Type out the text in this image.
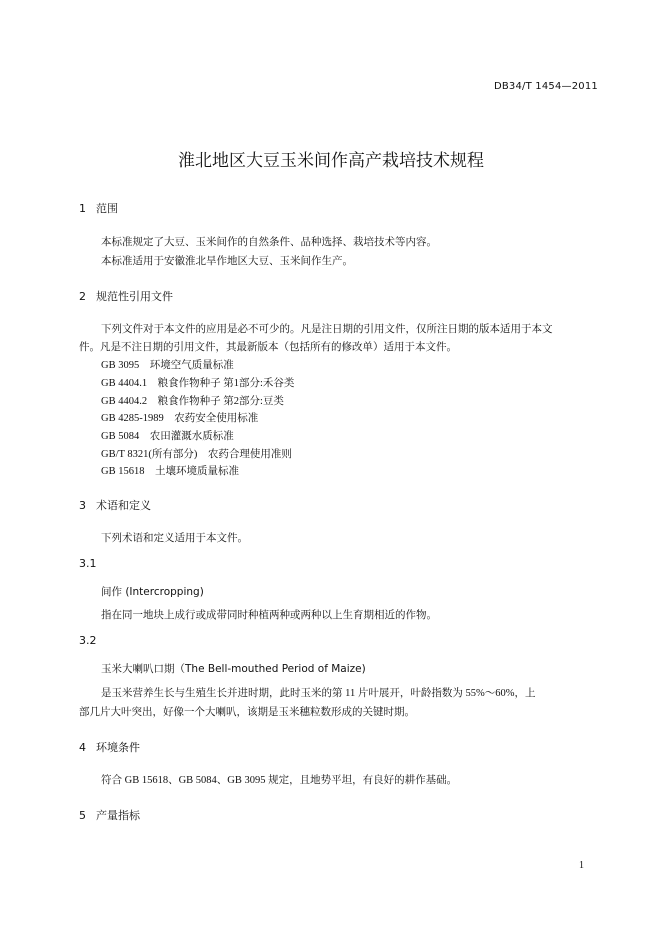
DB34/T 1454—2011
淮北地区大豆玉米间作高产栽培技术规程
1 范围
本标准规定了大豆、玉米间作的自然条件、品种选择、栽培技术等内容。
本标准适用于安徽淮北旱作地区大豆、玉米间作生产。
2 规范性引用文件
下列文件对于本文件的应用是必不可少的。凡是注日期的引用文件，仅所注日期的版本适用于本文
件。凡是不注日期的引用文件，其最新版本（包括所有的修改单）适用于本文件。
GB 3095　环境空气质量标准
GB 4404.1　粮食作物种子 第1部分:禾谷类
GB 4404.2　粮食作物种子 第2部分:豆类
GB 4285-1989　农药安全使用标准
GB 5084　农田灌溉水质标准
GB/T 8321(所有部分)　农药合理使用准则
GB 15618　土壤环境质量标准
3 术语和定义
下列术语和定义适用于本文件。
3.1
间作 (Intercropping)
指在同一地块上成行或成带同时种植两种或两种以上生育期相近的作物。
3.2
玉米大喇叭口期（The Bell-mouthed Period of Maize)
是玉米营养生长与生殖生长并进时期，此时玉米的第 11 片叶展开，叶龄指数为 55%～60%，上
部几片大叶突出，好像一个大喇叭，该期是玉米穗粒数形成的关键时期。
4 环境条件
符合 GB 15618、GB 5084、GB 3095 规定，且地势平坦，有良好的耕作基础。
5 产量指标
1
